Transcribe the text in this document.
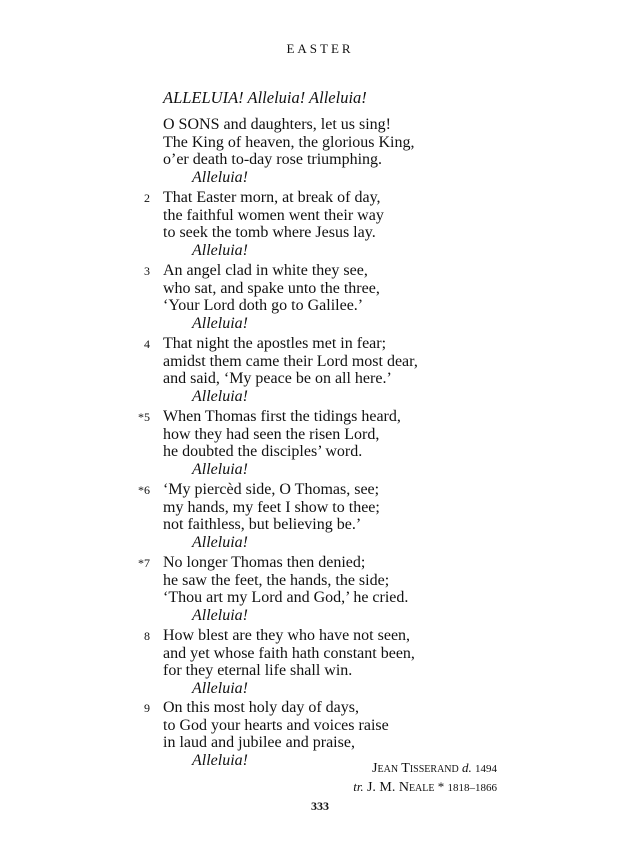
EASTER
ALLELUIA! Alleluia! Alleluia!
O SONS and daughters, let us sing!
The King of heaven, the glorious King,
o’er death to-day rose triumphing.
Alleluia!
2 That Easter morn, at break of day,
the faithful women went their way
to seek the tomb where Jesus lay.
Alleluia!
3 An angel clad in white they see,
who sat, and spake unto the three,
‘Your Lord doth go to Galilee.’
Alleluia!
4 That night the apostles met in fear;
amidst them came their Lord most dear,
and said, ‘My peace be on all here.’
Alleluia!
*5 When Thomas first the tidings heard,
how they had seen the risen Lord,
he doubted the disciples’ word.
Alleluia!
*6 ‘My piercèd side, O Thomas, see;
my hands, my feet I show to thee;
not faithless, but believing be.’
Alleluia!
*7 No longer Thomas then denied;
he saw the feet, the hands, the side;
‘Thou art my Lord and God,’ he cried.
Alleluia!
8 How blest are they who have not seen,
and yet whose faith hath constant been,
for they eternal life shall win.
Alleluia!
9 On this most holy day of days,
to God your hearts and voices raise
in laud and jubilee and praise,
Alleluia!	Jean Tisserand d. 1494
tr. J. M. Neale * 1818–1866
333
